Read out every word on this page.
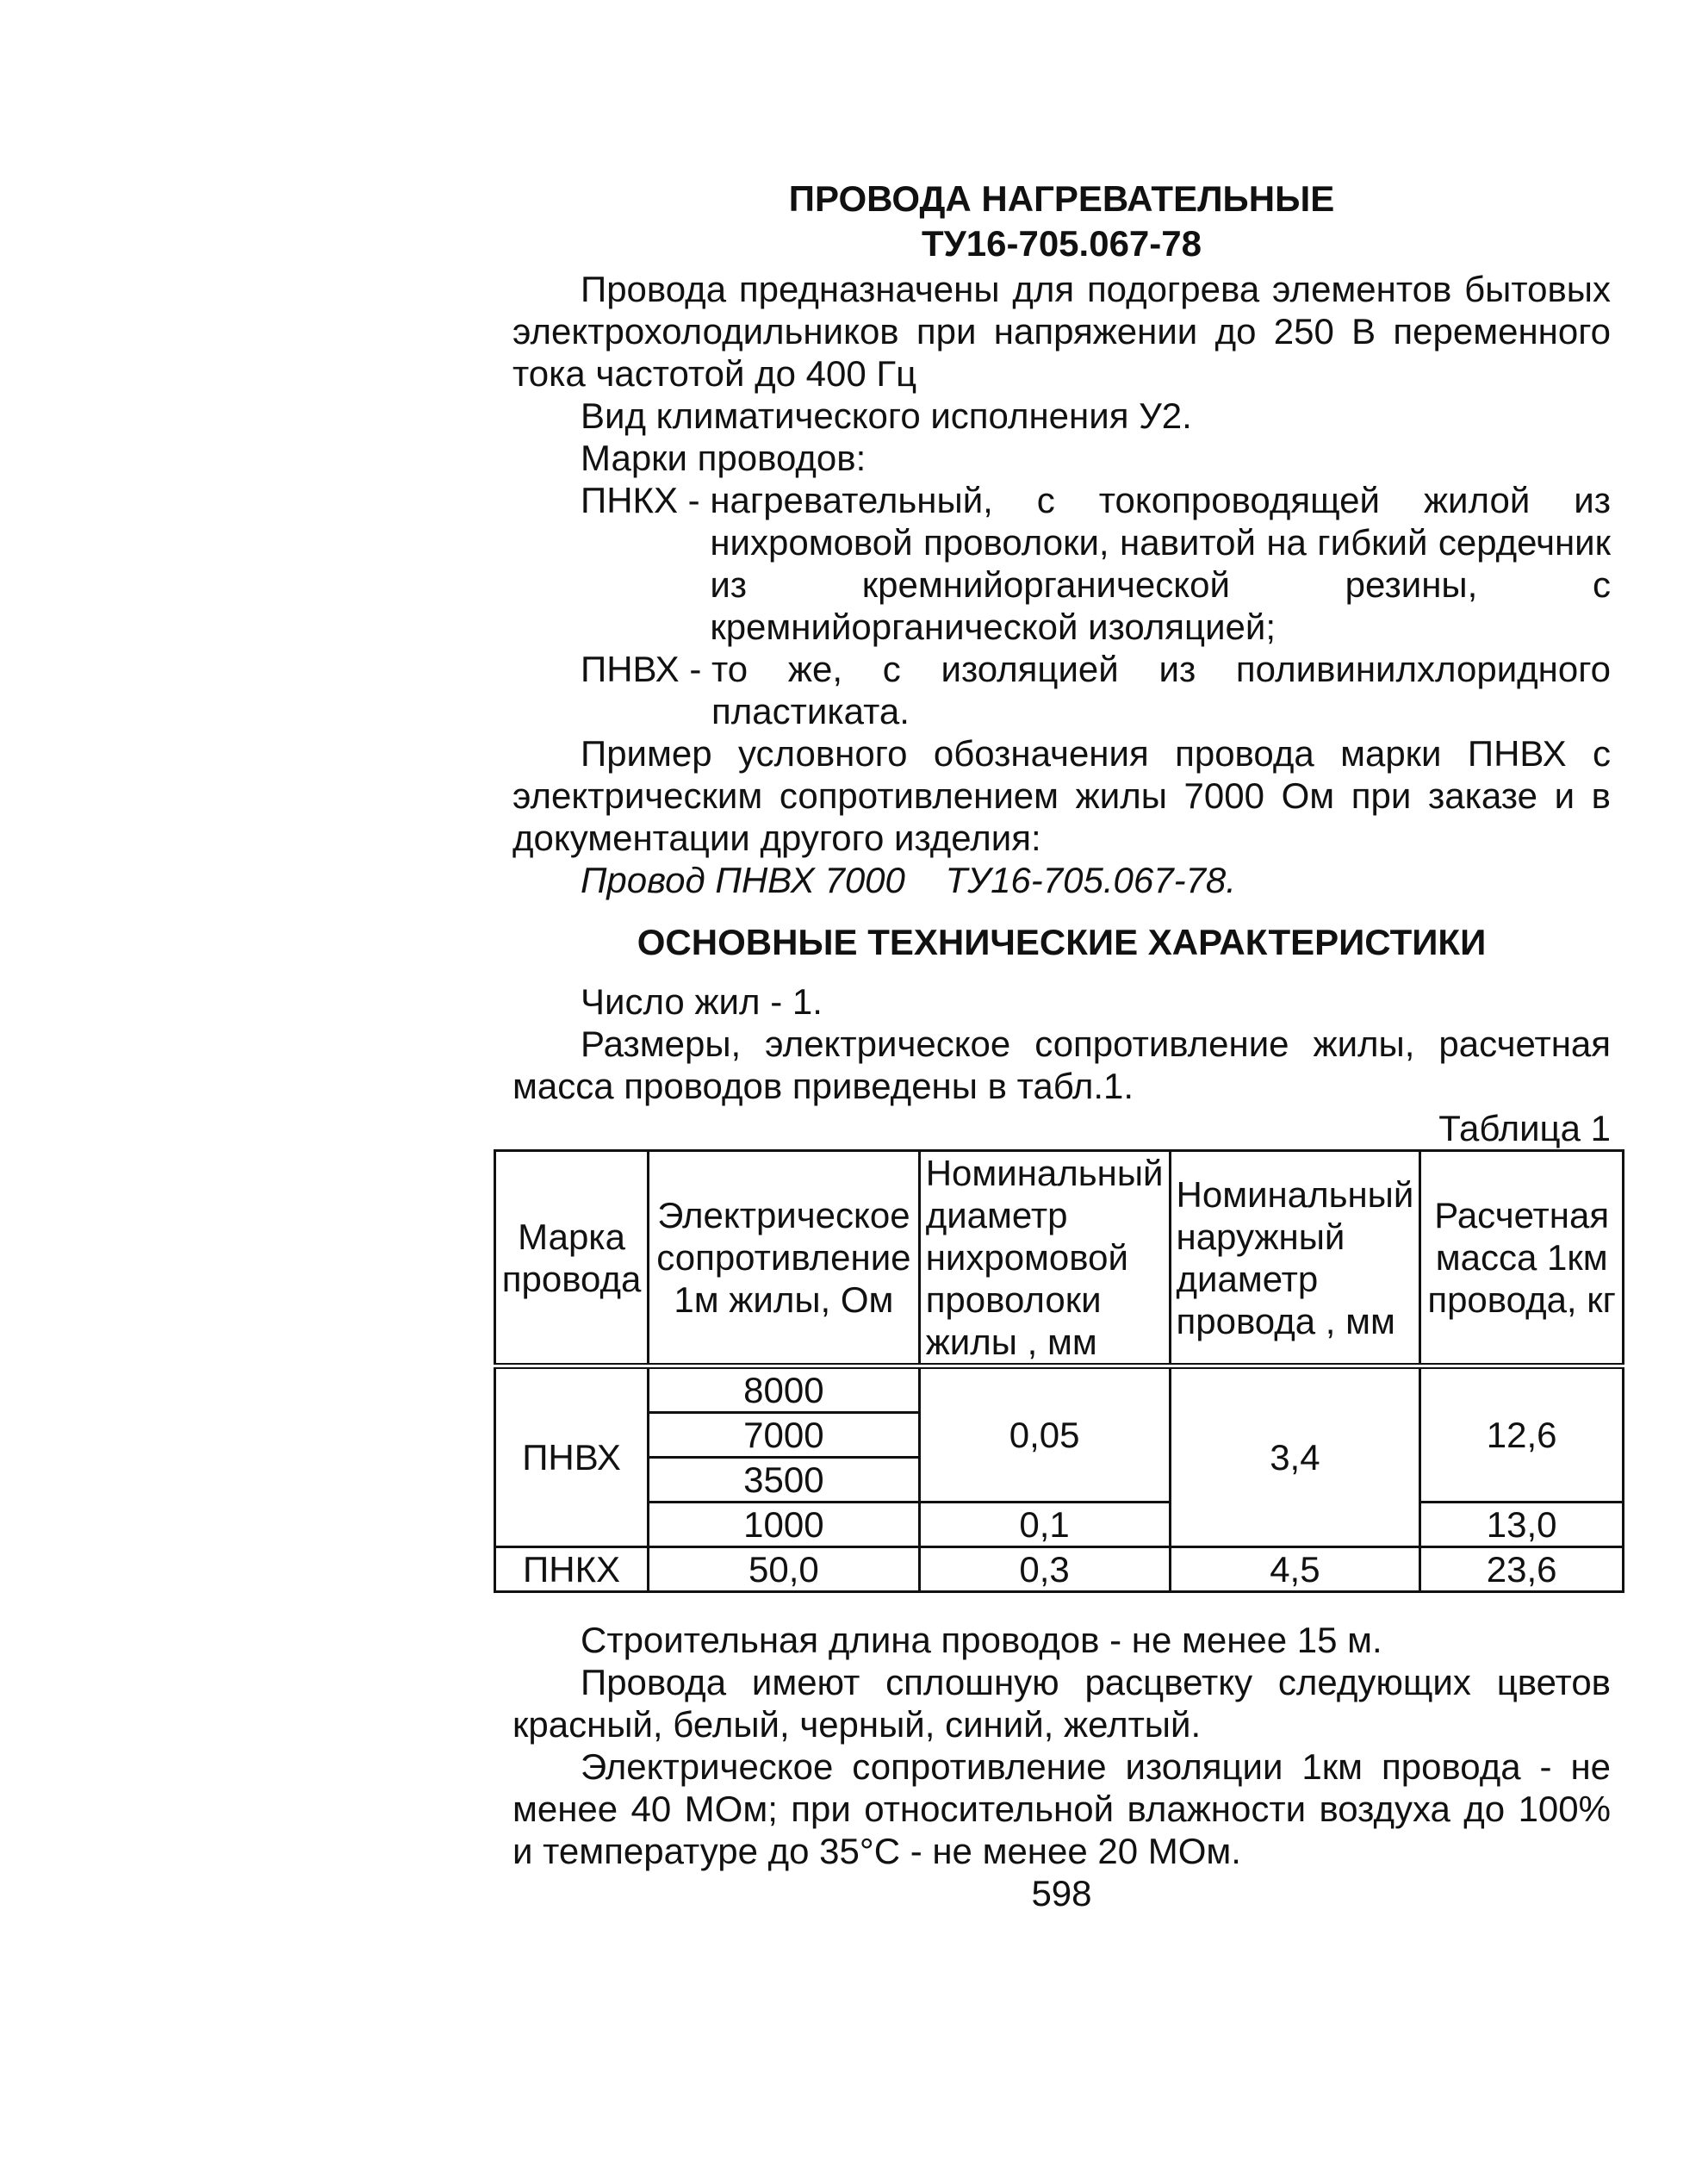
ПРОВОДА НАГРЕВАТЕЛЬНЫЕ

ТУ16-705.067-78

Провода предназначены для подогрева элементов бытовых электрохолодильников при напряжении до 250 В переменного тока частотой до 400 Гц

Вид климатического исполнения У2.

Марки проводов:

ПНКХ - нагревательный, с токопроводящей жилой из нихромовой проволоки, навитой на гибкий сердечник из кремнийорганической резины, с кремнийорганической изоляцией;
ПНВХ - то же, с изоляцией из поливинилхлоридного пластиката.

Пример условного обозначения провода марки ПНВХ с электрическим сопротивлением жилы 7000 Ом при заказе и в документации другого изделия:

Провод ПНВХ 7000    ТУ16-705.067-78.

ОСНОВНЫЕ ТЕХНИЧЕСКИЕ ХАРАКТЕРИСТИКИ

Число жил - 1.

Размеры, электрическое сопротивление жилы, расчетная масса проводов приведены в табл.1.

Таблица 1

Марка провода	Электрическое сопротивление 1м жилы, Ом	Номинальный диаметр нихромовой проволоки жилы , мм	Номинальный наружный диаметр провода , мм	Расчетная масса 1км провода, кг
ПНВХ	8000	0,05	3,4	12,6
	7000			
	3500			
	1000	0,1		13,0
ПНКХ	50,0	0,3	4,5	23,6

Строительная длина проводов - не менее 15 м.

Провода имеют сплошную расцветку следующих цветов красный, белый, черный, синий, желтый.

Электрическое сопротивление изоляции 1км провода - не менее 40 МОм; при относительной влажности воздуха до 100% и температуре до 35°С - не менее 20 МОм.

598
